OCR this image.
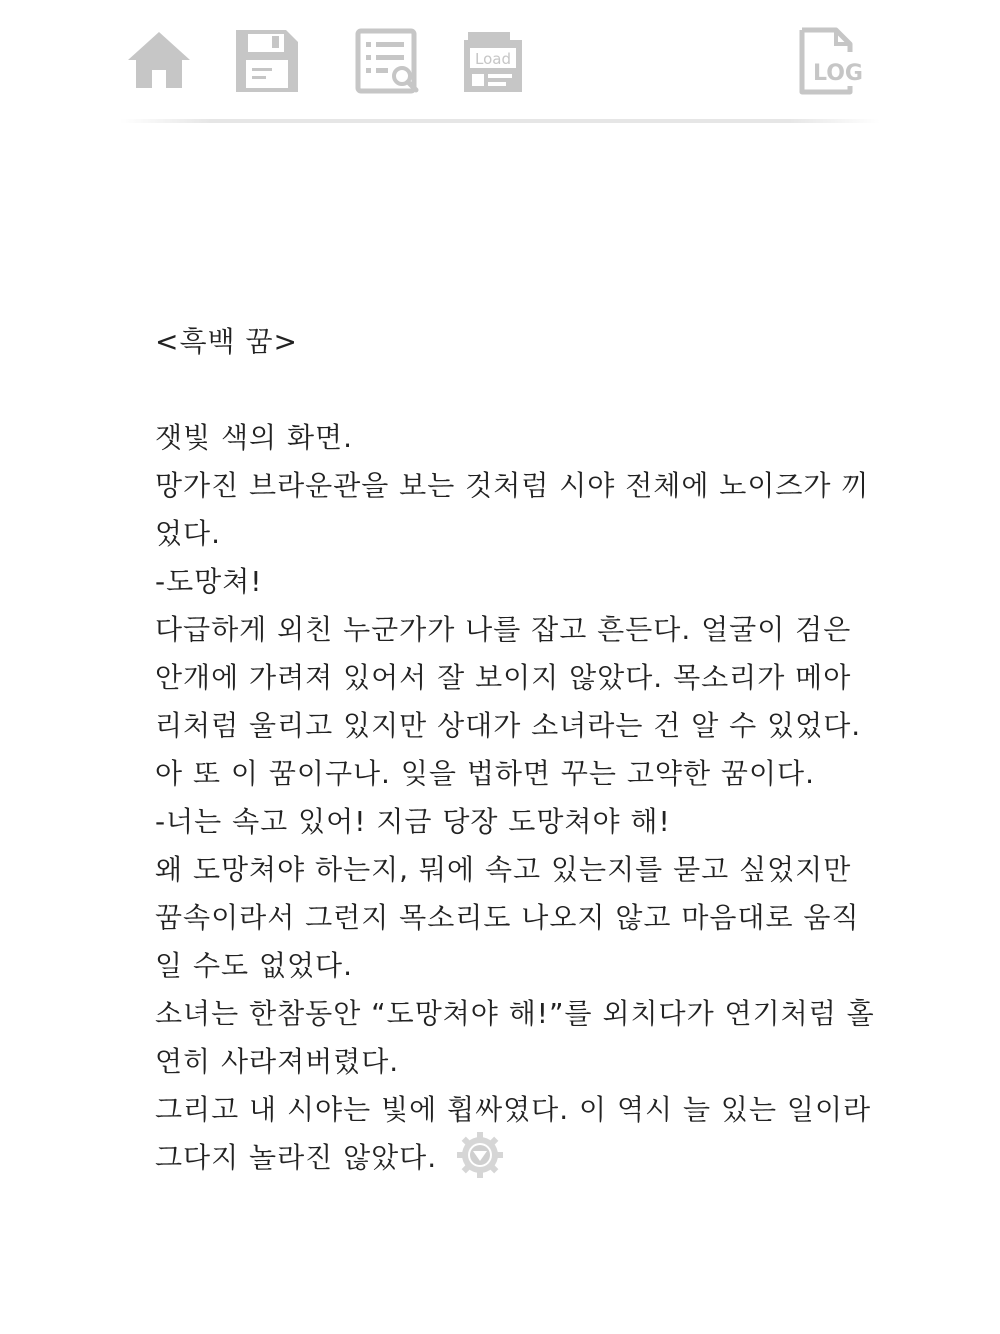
Load
LOG
<흑백 꿈>
잿빛 색의 화면.
망가진 브라운관을 보는 것처럼 시야 전체에 노이즈가 끼
었다.
-도망쳐!
다급하게 외친 누군가가 나를 잡고 흔든다. 얼굴이 검은
안개에 가려져 있어서 잘 보이지 않았다. 목소리가 메아
리처럼 울리고 있지만 상대가 소녀라는 건 알 수 있었다.
아 또 이 꿈이구나. 잊을 법하면 꾸는 고약한 꿈이다.
-너는 속고 있어! 지금 당장 도망쳐야 해!
왜 도망쳐야 하는지, 뭐에 속고 있는지를 묻고 싶었지만
꿈속이라서 그런지 목소리도 나오지 않고 마음대로 움직
일 수도 없었다.
소녀는 한참동안 “도망쳐야 해!”를 외치다가 연기처럼 홀
연히 사라져버렸다.
그리고 내 시야는 빛에 휩싸였다. 이 역시 늘 있는 일이라
그다지 놀라진 않았다.
